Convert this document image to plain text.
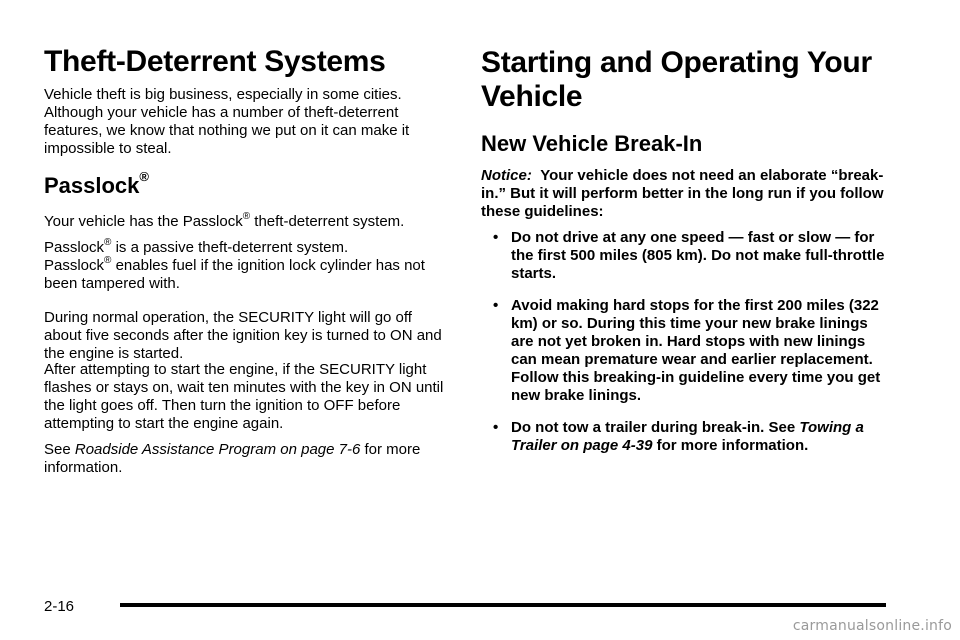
Theft-Deterrent Systems

Vehicle theft is big business, especially in some cities. Although your vehicle has a number of theft-deterrent features, we know that nothing we put on it can make it impossible to steal.

Passlock®

Your vehicle has the Passlock® theft-deterrent system.

Passlock® is a passive theft-deterrent system.
Passlock® enables fuel if the ignition lock cylinder has not been tampered with.

During normal operation, the SECURITY light will go off about five seconds after the ignition key is turned to ON and the engine is started.

After attempting to start the engine, if the SECURITY light flashes or stays on, wait ten minutes with the key in ON until the light goes off. Then turn the ignition to OFF before attempting to start the engine again.

See Roadside Assistance Program on page 7-6 for more information.

Starting and Operating Your Vehicle
New Vehicle Break-In

Notice: Your vehicle does not need an elaborate “break-in.” But it will perform better in the long run if you follow these guidelines:

• Do not drive at any one speed — fast or slow — for the first 500 miles (805 km). Do not make full-throttle starts.
• Avoid making hard stops for the first 200 miles (322 km) or so. During this time your new brake linings are not yet broken in. Hard stops with new linings can mean premature wear and earlier replacement. Follow this breaking-in guideline every time you get new brake linings.
• Do not tow a trailer during break-in. See Towing a Trailer on page 4-39 for more information.
2-16
carmanualsonline.info
